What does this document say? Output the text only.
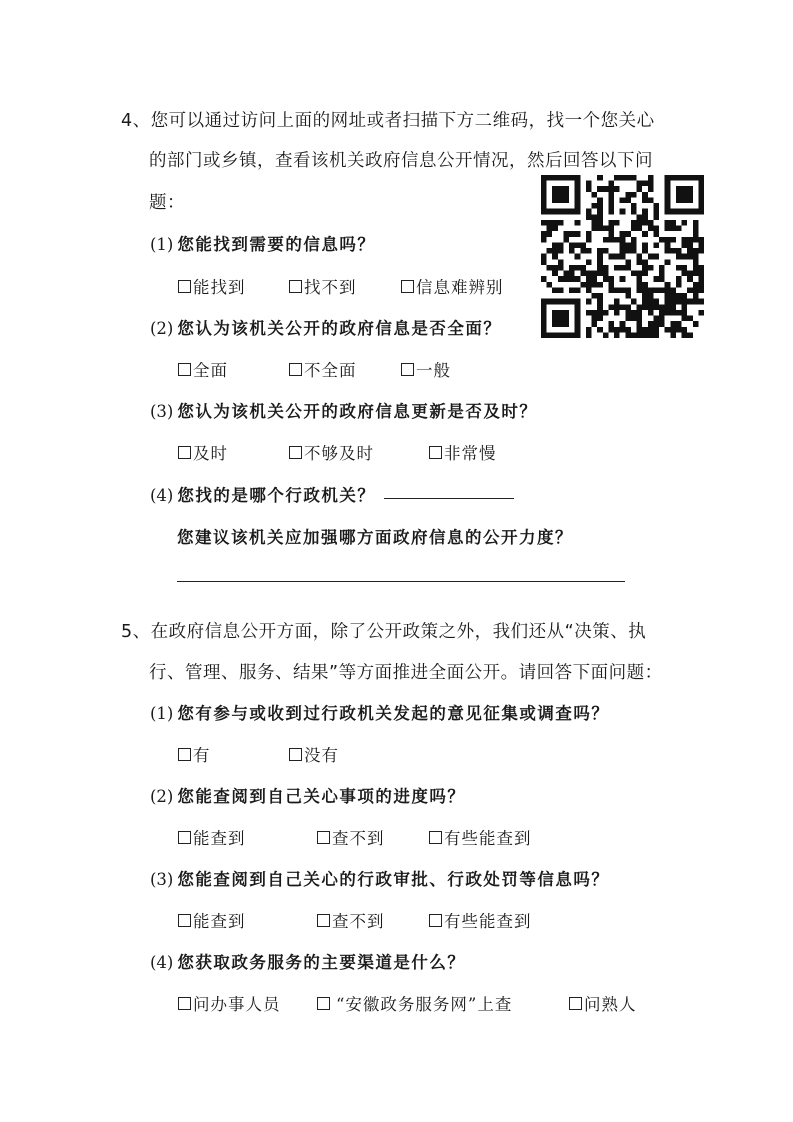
4、您可以通过访问上面的网址或者扫描下方二维码，找一个您关心
的部门或乡镇，查看该机关政府信息公开情况，然后回答以下问
题：
(1) 您能找到需要的信息吗？
能找到	找不到	信息难辨别
(2) 您认为该机关公开的政府信息是否全面？
全面	不全面	一般
(3) 您认为该机关公开的政府信息更新是否及时？
及时	不够及时	非常慢
(4) 您找的是哪个行政机关？
您建议该机关应加强哪方面政府信息的公开力度？
5、在政府信息公开方面，除了公开政策之外，我们还从“决策、执
行、管理、服务、结果”等方面推进全面公开。请回答下面问题：
(1) 您有参与或收到过行政机关发起的意见征集或调查吗？
有	没有
(2) 您能查阅到自己关心事项的进度吗？
能查到	查不到	有些能查到
(3) 您能查阅到自己关心的行政审批、行政处罚等信息吗？
能查到	查不到	有些能查到
(4) 您获取政务服务的主要渠道是什么？
问办事人员	“安徽政务服务网”上查	问熟人
